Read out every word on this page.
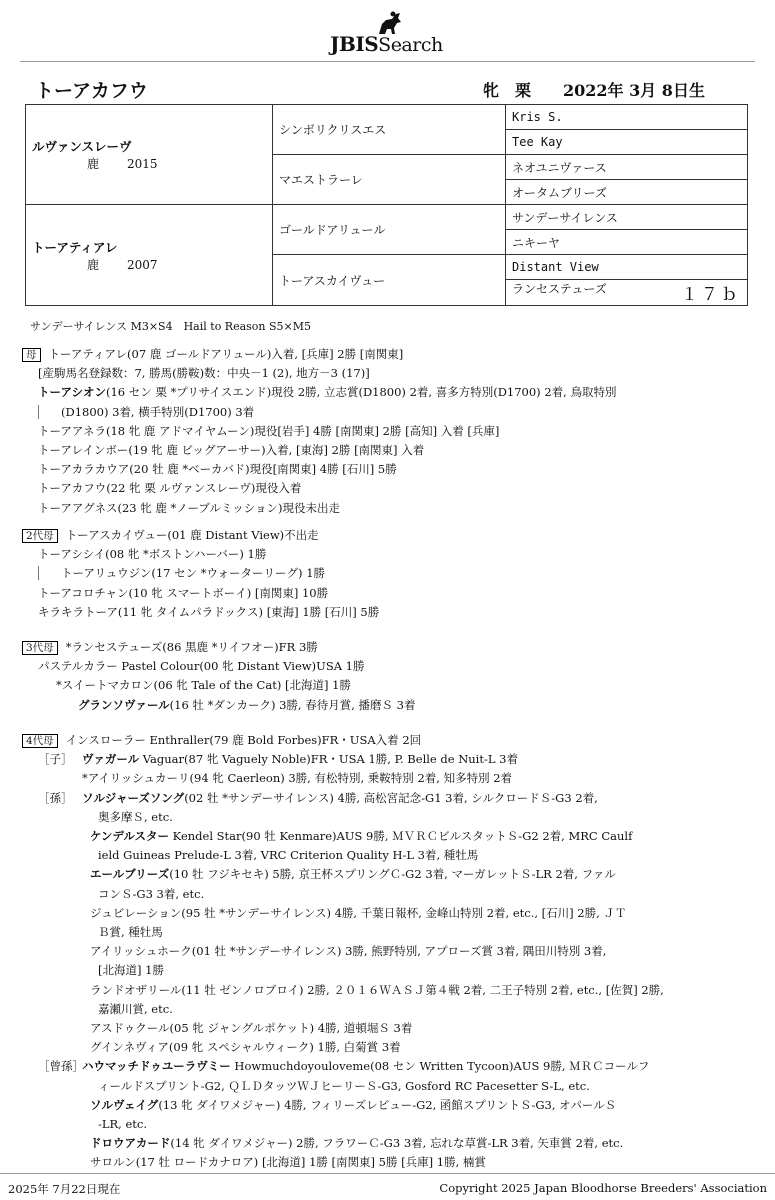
JBISSearch
トーアカフウ	牝 栗 2022年 3月 8日生
ルヴァンスレーヴ
鹿 2015	シンボリクリスエス	Kris S.
		Tee Kay
	マエストラーレ	ネオユニヴァース
		オータムブリーズ

トーアティアレ
鹿 2007	ゴールドアリュール	サンデーサイレンス
		ニキーヤ
	トーアスカイヴュー	Distant View
		ランセステューズ １７ｂ
サンデーサイレンス M3×S4　Hail to Reason S5×M5
母 トーアティアレ(07 鹿 ゴールドアリュール)入着, [兵庫] 2勝 [南関東]
[産駒馬名登録数：7, 勝馬(勝鞍)数：中央－1 (2), 地方－3 (17)]
トーアシオン(16 セン 栗 *プリサイスエンド)現役 2勝, 立志賞(D1800) 2着, 喜多方特別(D1700) 2着, 鳥取特別
(D1800) 3着, 横手特別(D1700) 3着
トーアアネラ(18 牝 鹿 アドマイヤムーン)現役[岩手] 4勝 [南関東] 2勝 [高知] 入着 [兵庫]
トーアレインボー(19 牝 鹿 ビッグアーサー)入着, [東海] 2勝 [南関東] 入着
トーアカラカウア(20 牡 鹿 *ベーカバド)現役[南関東] 4勝 [石川] 5勝
トーアカフウ(22 牝 栗 ルヴァンスレーヴ)現役入着
トーアアグネス(23 牝 鹿 *ノーブルミッション)現役未出走
2代母 トーアスカイヴュー(01 鹿 Distant View)不出走
トーアシシイ(08 牝 *ボストンハーバー) 1勝
トーアリュウジン(17 セン *ウォーターリーグ) 1勝
トーアコロチャン(10 牝 スマートボーイ) [南関東] 10勝
キラキラトーア(11 牝 タイムパラドックス) [東海] 1勝 [石川] 5勝
3代母 *ランセステューズ(86 黒鹿 *リイフオー)FR 3勝
パステルカラー Pastel Colour(00 牝 Distant View)USA 1勝
*スイートマカロン(06 牝 Tale of the Cat) [北海道] 1勝
グランソヴァール(16 牡 *ダンカーク) 3勝, 春待月賞, 播磨Ｓ 3着
4代母 インスローラー Enthraller(79 鹿 Bold Forbes)FR・USA入着 2回
［子］ ヴァガール Vaguar(87 牝 Vaguely Noble)FR・USA 1勝, P. Belle de Nuit-L 3着
*アイリッシュカーリ(94 牝 Caerleon) 3勝, 有松特別, 乗鞍特別 2着, 知多特別 2着
［孫］ ソルジャーズソング(02 牡 *サンデーサイレンス) 4勝, 高松宮記念-G1 3着, シルクロードＳ-G3 2着,
奥多摩Ｓ, etc.
ケンデルスター Kendel Star(90 牡 Kenmare)AUS 9勝, ＭＶＲＣビルスタットＳ-G2 2着, MRC Caulf
ield Guineas Prelude-L 3着, VRC Criterion Quality H-L 3着, 種牡馬
エールブリーズ(10 牡 フジキセキ) 5勝, 京王杯スプリングＣ-G2 3着, マーガレットＳ-LR 2着, ファル
コンＳ-G3 3着, etc.
ジュビレーション(95 牡 *サンデーサイレンス) 4勝, 千葉日報杯, 金峰山特別 2着, etc., [石川] 2勝, ＪＴ
Ｂ賞, 種牡馬
アイリッシュホーク(01 牡 *サンデーサイレンス) 3勝, 熊野特別, アプローズ賞 3着, 隅田川特別 3着,
[北海道] 1勝
ランドオザリール(11 牡 ゼンノロブロイ) 2勝, ２０１６ＷＡＳＪ第４戦 2着, 二王子特別 2着, etc., [佐賀] 2勝,
嘉瀬川賞, etc.
アスドゥクール(05 牝 ジャングルポケット) 4勝, 道頓堀Ｓ 3着
グインネヴィア(09 牝 スペシャルウィーク) 1勝, 白菊賞 3着
［曾孫］ハウマッチドゥユーラヴミー Howmuchdoyouloveme(08 セン Written Tycoon)AUS 9勝, ＭＲＣコールフ
ィールドスプリント-G2, ＱＬＤタッツＷＪヒーリーＳ-G3, Gosford RC Pacesetter S-L, etc.
ソルヴェイグ(13 牝 ダイワメジャー) 4勝, フィリーズレビュー-G2, 函館スプリントＳ-G3, オパールＳ
-LR, etc.
ドロウアカード(14 牝 ダイワメジャー) 2勝, フラワーＣ-G3 3着, 忘れな草賞-LR 3着, 矢車賞 2着, etc.
サロルン(17 牡 ロードカナロア) [北海道] 1勝 [南関東] 5勝 [兵庫] 1勝, 楠賞
2025年 7月22日現在	Copyright 2025 Japan Bloodhorse Breeders' Association
